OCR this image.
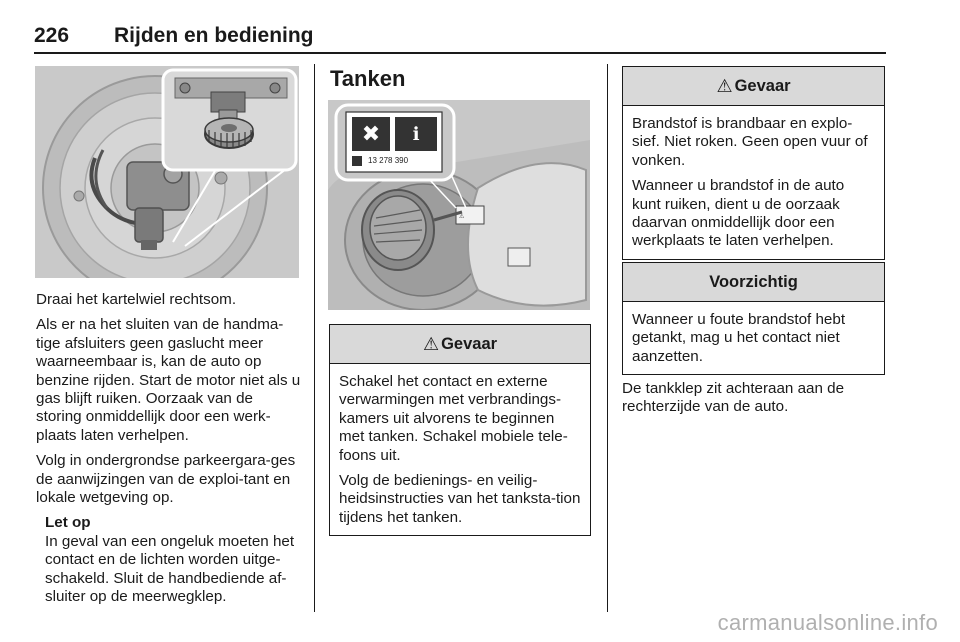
226 Rijden en bediening

Draai het kartelwiel rechtsom.

Als er na het sluiten van de handma-tige afsluiters geen gaslucht meer waarneembaar is, kan de auto op benzine rijden. Start de motor niet als u gas blijft ruiken. Oorzaak van de storing onmiddellijk door een werk-plaats laten verhelpen.

Volg in ondergrondse parkeergara-ges de aanwijzingen van de exploi-tant en lokale wetgeving op.

Let op

In geval van een ongeluk moeten het contact en de lichten worden uitge-schakeld. Sluit de handbediende af-sluiter op de meerwegklep.

Tanken
⚠
✖	ℹ
13 278 390
⚠ Gevaar

Schakel het contact en externe verwarmingen met verbrandings-kamers uit alvorens te beginnen met tanken. Schakel mobiele tele-foons uit.

Volg de bedienings- en veilig-heidsinstructies van het tanksta-tion tijdens het tanken.

⚠ Gevaar

Brandstof is brandbaar en explo-sief. Niet roken. Geen open vuur of vonken.

Wanneer u brandstof in de auto kunt ruiken, dient u de oorzaak daarvan onmiddellijk door een werkplaats te laten verhelpen.

Voorzichtig

Wanneer u foute brandstof hebt getankt, mag u het contact niet aanzetten.

De tankklep zit achteraan aan de rechterzijde van de auto.

carmanualsonline.info
